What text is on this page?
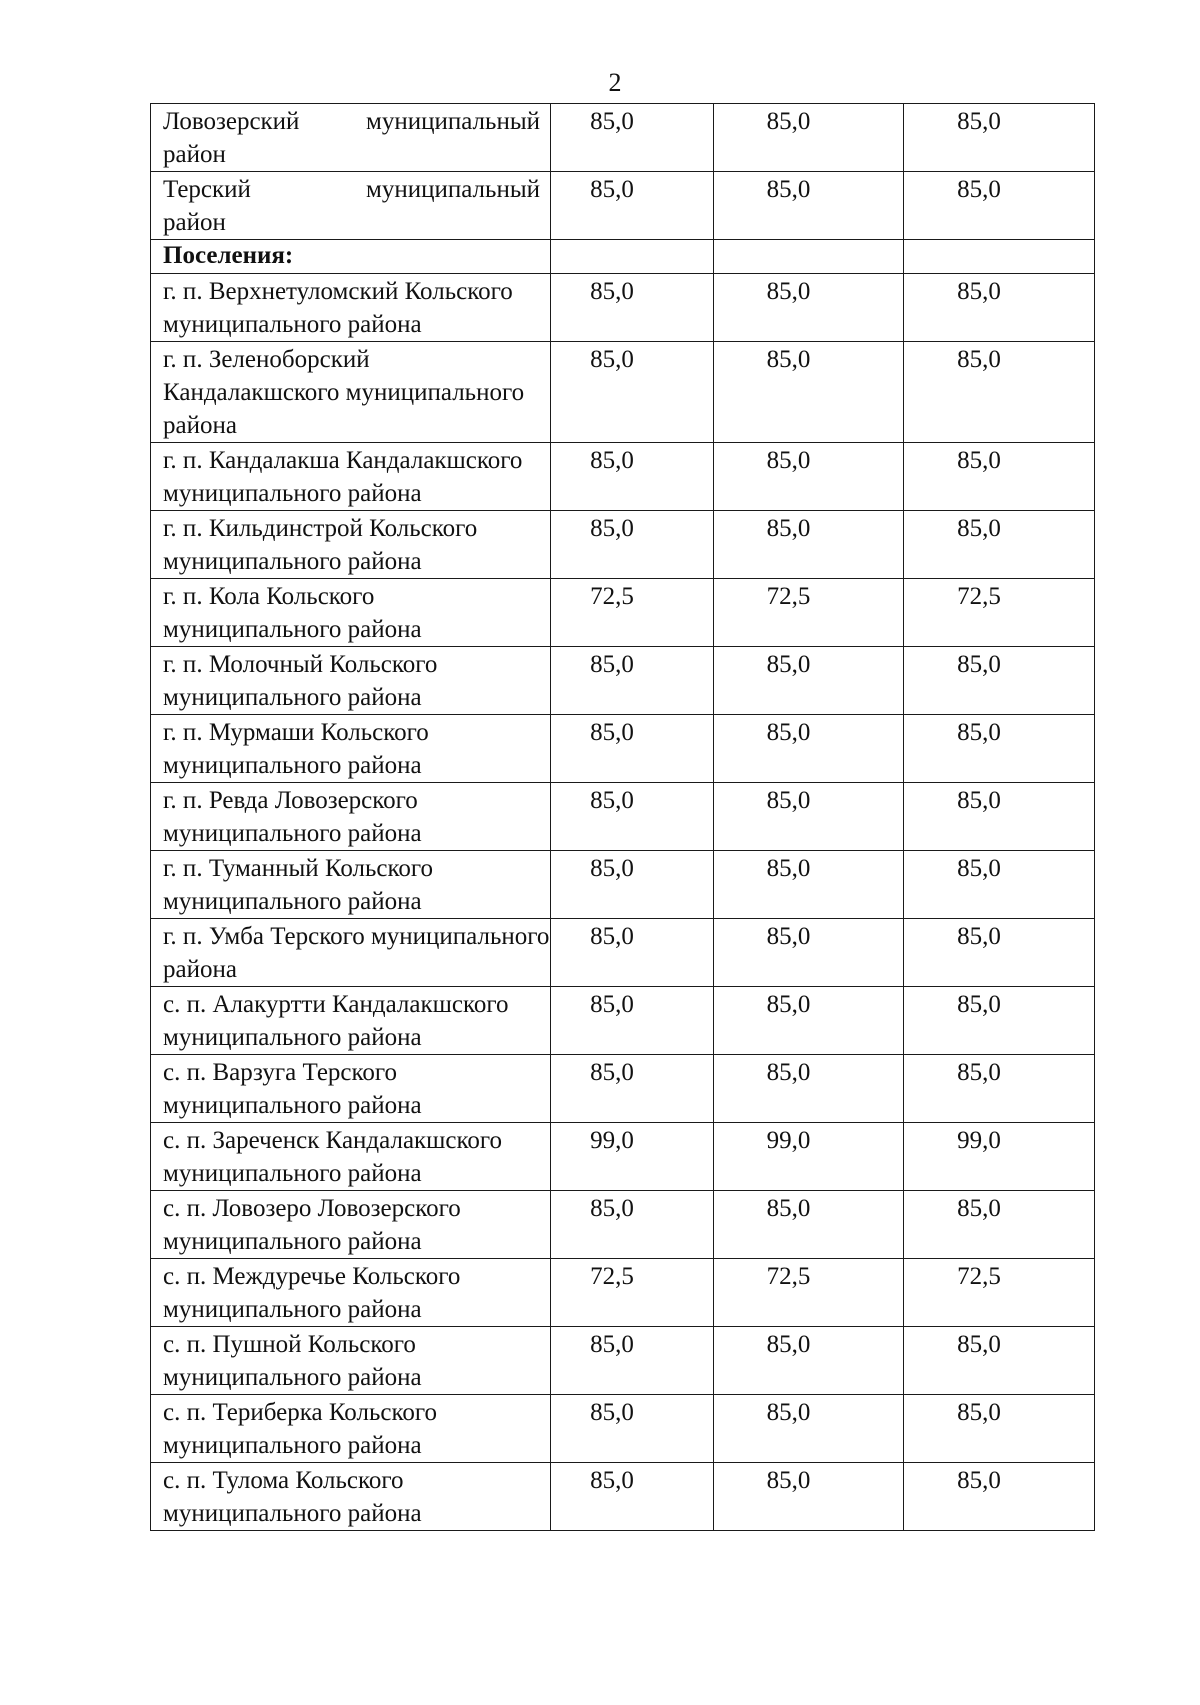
2
Ловозерский муниципальный
район	85,0	85,0	85,0

Терский муниципальный
район	85,0	85,0	85,0
Поселения:			
г. п. Верхнетуломский Кольского муниципального района	85,0	85,0	85,0
г. п. Зеленоборский Кандалакшского муниципального района	85,0	85,0	85,0
г. п. Кандалакша Кандалакшского муниципального района	85,0	85,0	85,0
г. п. Кильдинстрой Кольского муниципального района	85,0	85,0	85,0
г. п. Кола Кольского муниципального района	72,5	72,5	72,5
г. п. Молочный Кольского муниципального района	85,0	85,0	85,0
г. п. Мурмаши Кольского муниципального района	85,0	85,0	85,0
г. п. Ревда Ловозерского муниципального района	85,0	85,0	85,0
г. п. Туманный Кольского муниципального района	85,0	85,0	85,0
г. п. Умба Терского муниципального района	85,0	85,0	85,0
с. п. Алакуртти Кандалакшского муниципального района	85,0	85,0	85,0
с. п. Варзуга Терского муниципального района	85,0	85,0	85,0
с. п. Зареченск Кандалакшского муниципального района	99,0	99,0	99,0
с. п. Ловозеро Ловозерского муниципального района	85,0	85,0	85,0
с. п. Междуречье Кольского муниципального района	72,5	72,5	72,5
с. п. Пушной Кольского муниципального района	85,0	85,0	85,0
с. п. Териберка Кольского муниципального района	85,0	85,0	85,0
с. п. Тулома Кольского муниципального района	85,0	85,0	85,0
